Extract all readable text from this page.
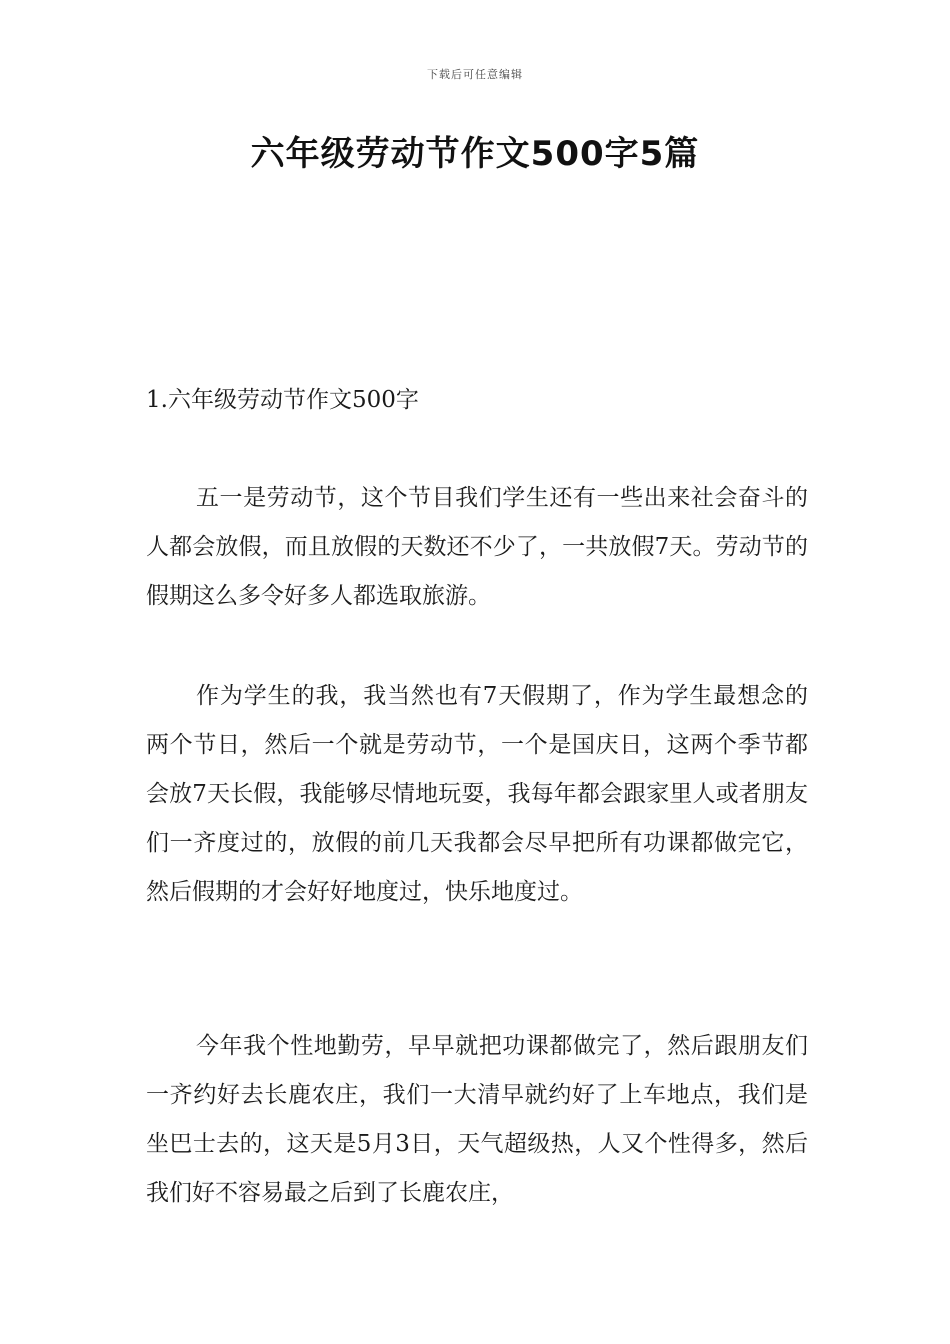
下载后可任意编辑
六年级劳动节作文500字5篇
1.六年级劳动节作文500字

五一是劳动节，这个节目我们学生还有一些出来社会奋斗的人都会放假，而且放假的天数还不少了，一共放假7天。劳动节的假期这么多令好多人都选取旅游。

作为学生的我，我当然也有7天假期了，作为学生最想念的两个节日，然后一个就是劳动节，一个是国庆日，这两个季节都会放7天长假，我能够尽情地玩耍，我每年都会跟家里人或者朋友们一齐度过的，放假的前几天我都会尽早把所有功课都做完它，然后假期的才会好好地度过，快乐地度过。

今年我个性地勤劳，早早就把功课都做完了，然后跟朋友们一齐约好去长鹿农庄，我们一大清早就约好了上车地点，我们是坐巴士去的，这天是5月3日，天气超级热，人又个性得多，然后我们好不容易最之后到了长鹿农庄，
